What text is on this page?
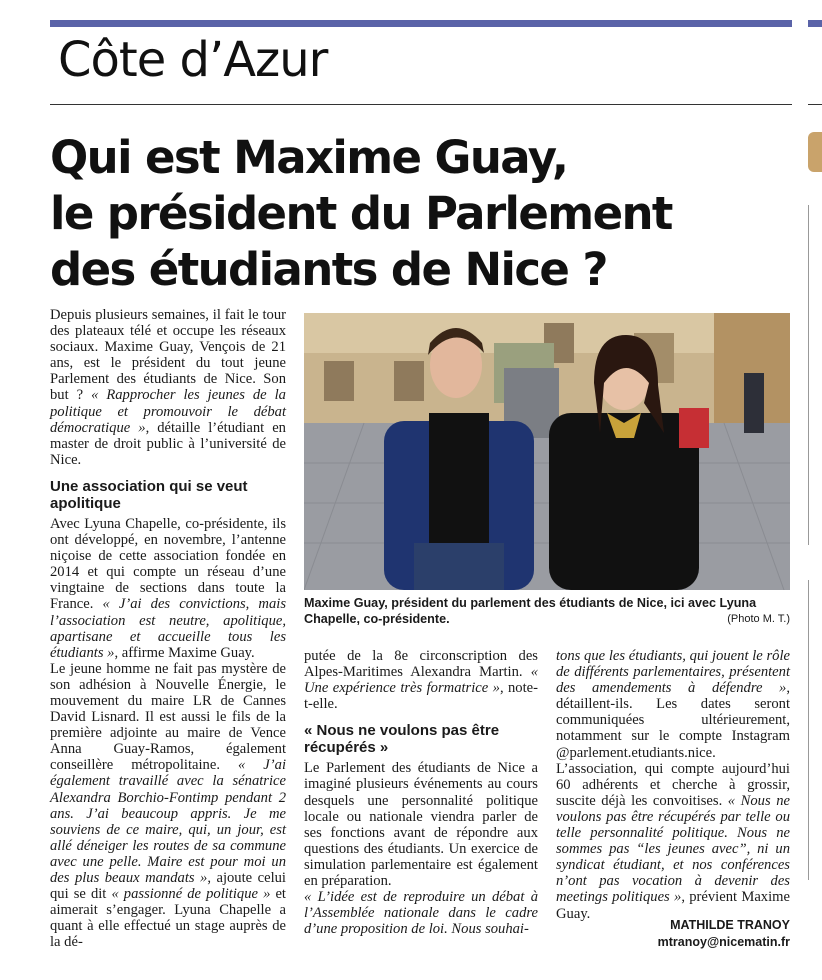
Côte d’Azur
Qui est Maxime Guay,
le président du Parlement
des étudiants de Nice ?

Depuis plusieurs semaines, il fait le tour des plateaux télé et occupe les réseaux sociaux. Maxime Guay, Vençois de 21 ans, est le président du tout jeune Parlement des étudiants de Nice. Son but ? « Rapprocher les jeunes de la politique et promouvoir le débat démocratique », détaille l’étudiant en master de droit public à l’université de Nice.

Une association qui se veut apolitique

Avec Lyuna Chapelle, co-présidente, ils ont développé, en novembre, l’antenne niçoise de cette association fondée en 2014 et qui compte un réseau d’une vingtaine de sections dans toute la France. « J’ai des convictions, mais l’association est neutre, apolitique, apartisane et accueille tous les étudiants », affirme Maxime Guay.

Le jeune homme ne fait pas mystère de son adhésion à Nouvelle Énergie, le mouvement du maire LR de Cannes David Lisnard. Il est aussi le fils de la première adjointe au maire de Vence Anna Guay-Ramos, également conseillère métropolitaine. « J’ai également travaillé avec la sénatrice Alexandra Borchio-Fontimp pendant 2 ans. J’ai beaucoup appris. Je me souviens de ce maire, qui, un jour, est allé déneiger les routes de sa commune avec une pelle. Maire est pour moi un des plus beaux mandats », ajoute celui qui se dit « passionné de politique » et aimerait s’engager. Lyuna Chapelle a quant à elle effectué un stage auprès de la dé-

Maxime Guay, président du parlement des étudiants de Nice, ici avec Lyuna Chapelle, co-présidente.	(Photo M. T.)

putée de la 8e circonscription des Alpes-Maritimes Alexandra Martin. « Une expérience très formatrice », note-t-elle.

« Nous ne voulons pas être récupérés »

Le Parlement des étudiants de Nice a imaginé plusieurs événements au cours desquels une personnalité politique locale ou nationale viendra parler de ses fonctions avant de répondre aux questions des étudiants. Un exercice de simulation parlementaire est également en préparation.

« L’idée est de reproduire un débat à l’Assemblée nationale dans le cadre d’une proposition de loi. Nous souhai-

tons que les étudiants, qui jouent le rôle de différents parlementaires, présentent des amendements à défendre », détaillent-ils. Les dates seront communiquées ultérieurement, notamment sur le compte Instagram @parlement.etudiants.nice. L’association, qui compte aujourd’hui 60 adhérents et cherche à grossir, suscite déjà les convoitises. « Nous ne voulons pas être récupérés par telle ou telle personnalité politique. Nous ne sommes pas “les jeunes avec”, ni un syndicat étudiant, et nos conférences n’ont pas vocation à devenir des meetings politiques », prévient Maxime Guay.

MATHILDE TRANOY
mtranoy@nicematin.fr
